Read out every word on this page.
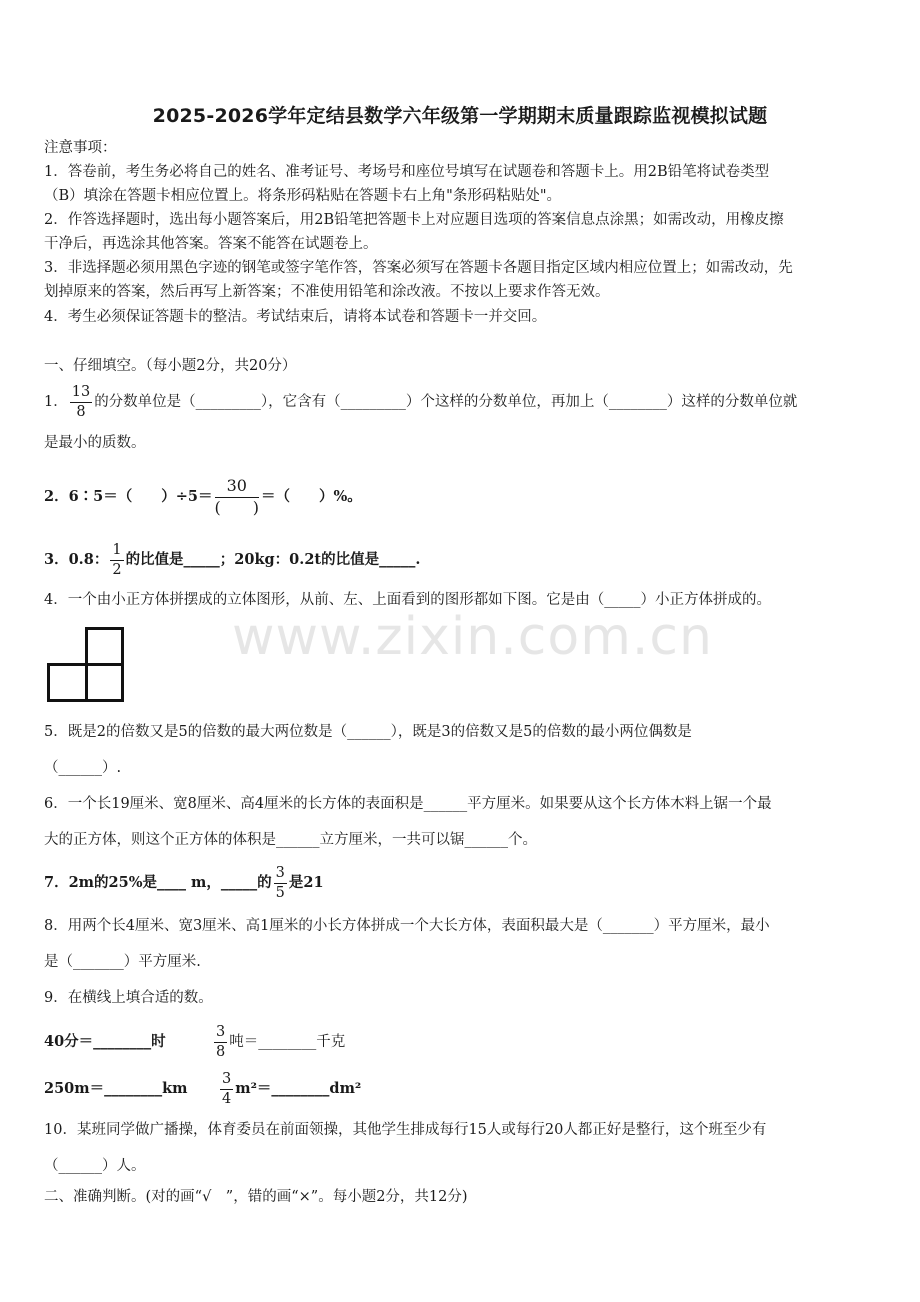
www.zixin.com.cn
2025-2026学年定结县数学六年级第一学期期末质量跟踪监视模拟试题
注意事项：
1．答卷前，考生务必将自己的姓名、准考证号、考场号和座位号填写在试题卷和答题卡上。用2B铅笔将试卷类型
（B）填涂在答题卡相应位置上。将条形码粘贴在答题卡右上角"条形码粘贴处"。
2．作答选择题时，选出每小题答案后，用2B铅笔把答题卡上对应题目选项的答案信息点涂黑；如需改动，用橡皮擦
干净后，再选涂其他答案。答案不能答在试题卷上。
3．非选择题必须用黑色字迹的钢笔或签字笔作答，答案必须写在答题卡各题目指定区域内相应位置上；如需改动，先
划掉原来的答案，然后再写上新答案；不准使用铅笔和涂改液。不按以上要求作答无效。
4．考生必须保证答题卡的整洁。考试结束后，请将本试卷和答题卡一并交回。
一、仔细填空。（每小题2分，共20分）
1． $\frac{13}{8}$ 的分数单位是（_________），它含有（_________）个这样的分数单位，再加上（________）这样的分数单位就
是最小的质数。
2．6∶5＝（　　）$\div 5= \frac{30}{( )}$ ＝（　　）%。
3．0.8： $\frac{1}{2}$ 的比值是_____；20kg：0.2t的比值是_____.
4．一个由小正方体拼摆成的立体图形，从前、左、上面看到的图形都如下图。它是由（_____）小正方体拼成的。
5．既是2的倍数又是5的倍数的最大两位数是（______），既是3的倍数又是5的倍数的最小两位偶数是
（______）.
6．一个长19厘米、宽8厘米、高4厘米的长方体的表面积是______平方厘米。如果要从这个长方体木料上锯一个最
大的正方体，则这个正方体的体积是______立方厘米，一共可以锯______个。
7．2m的25%是____ m，_____的 $\frac{3}{5}$ 是21
8．用两个长4厘米、宽3厘米、高1厘米的小长方体拼成一个大长方体，表面积最大是（_______）平方厘米，最小
是（_______）平方厘米.
9．在横线上填合适的数。
40分＝________时	$\frac{3}{8}$ 吨＝________千克
250m＝________km $\frac{3}{4}$ m²＝________dm²
10．某班同学做广播操，体育委员在前面领操，其他学生排成每行15人或每行20人都正好是整行，这个班至少有
（______）人。
二、准确判断。(对的画“√　”，错的画“×”。每小题2分，共12分)
